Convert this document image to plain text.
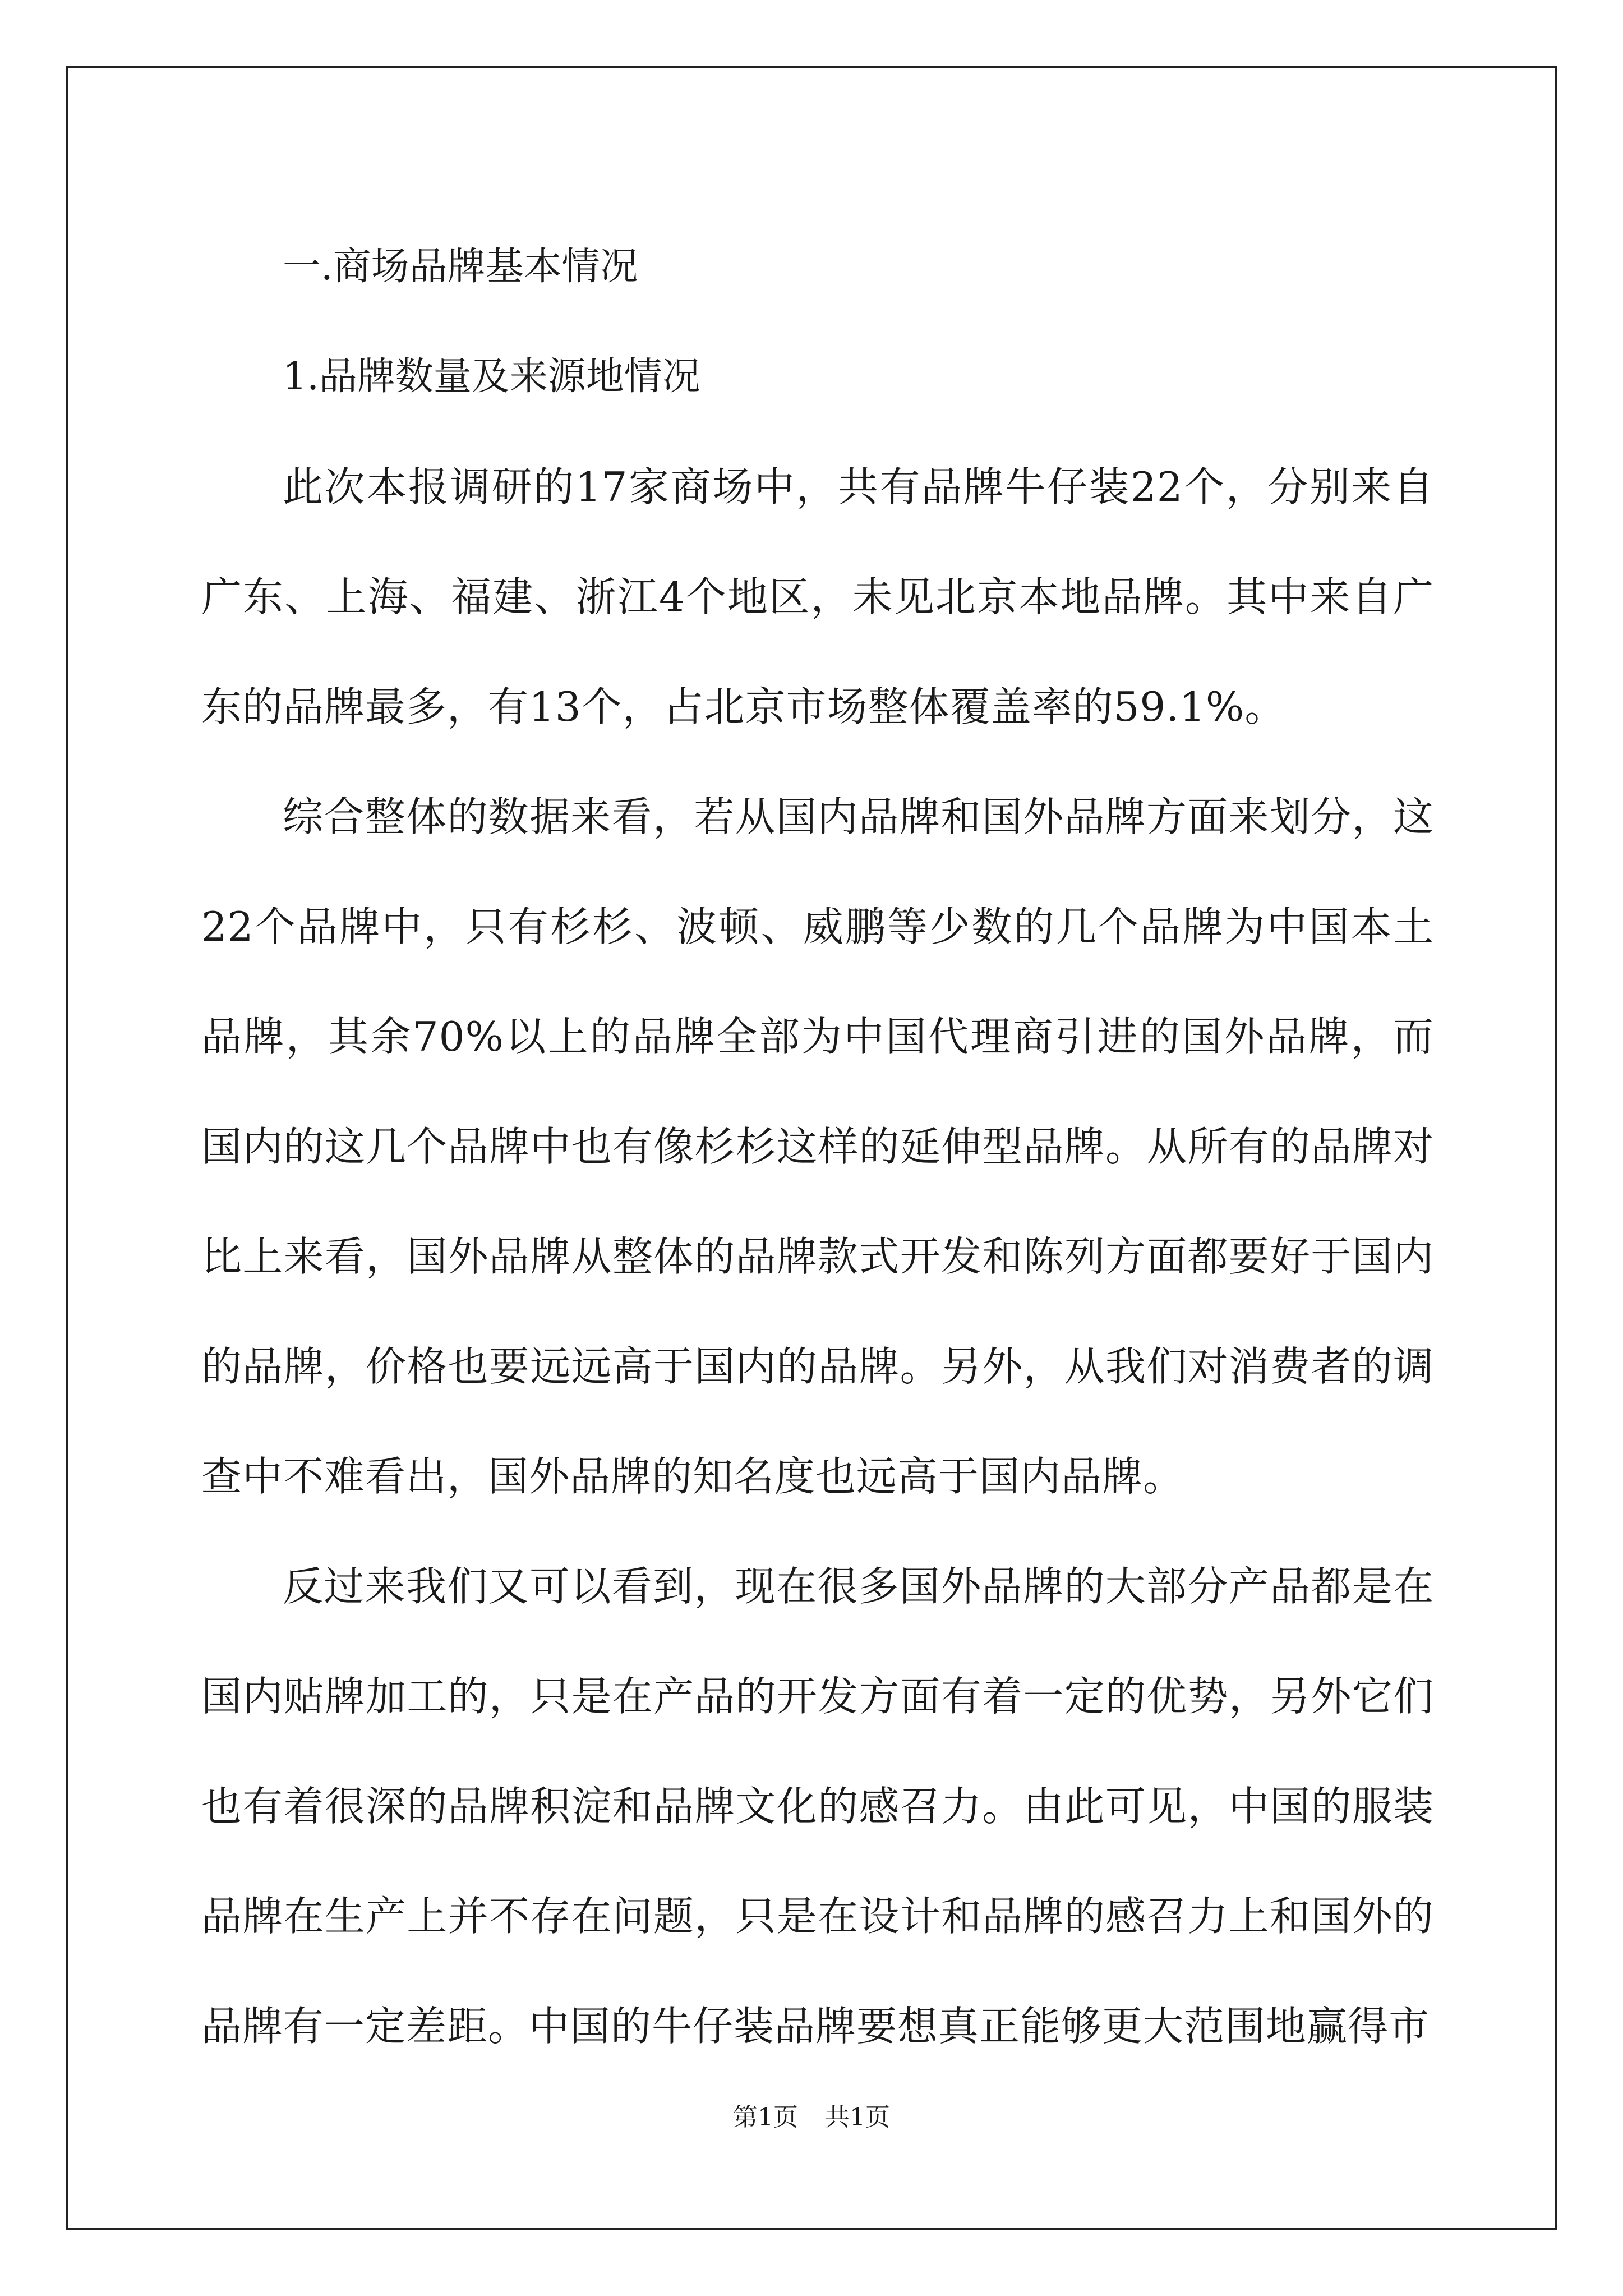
一.商场品牌基本情况
1.品牌数量及来源地情况

此次本报调研的17家商场中，共有品牌牛仔装22个，分别来自广东、上海、福建、浙江4个地区，未见北京本地品牌。其中来自广东的品牌最多，有13个，占北京市场整体覆盖率的59.1%。

综合整体的数据来看，若从国内品牌和国外品牌方面来划分，这22个品牌中，只有杉杉、波顿、威鹏等少数的几个品牌为中国本土品牌，其余70%以上的品牌全部为中国代理商引进的国外品牌，而国内的这几个品牌中也有像杉杉这样的延伸型品牌。从所有的品牌对比上来看，国外品牌从整体的品牌款式开发和陈列方面都要好于国内的品牌，价格也要远远高于国内的品牌。另外，从我们对消费者的调查中不难看出，国外品牌的知名度也远高于国内品牌。

反过来我们又可以看到，现在很多国外品牌的大部分产品都是在国内贴牌加工的，只是在产品的开发方面有着一定的优势，另外它们也有着很深的品牌积淀和品牌文化的感召力。由此可见，中国的服装品牌在生产上并不存在问题，只是在设计和品牌的感召力上和国外的品牌有一定差距。中国的牛仔装品牌要想真正能够更大范围地赢得市

第1页 共1页
